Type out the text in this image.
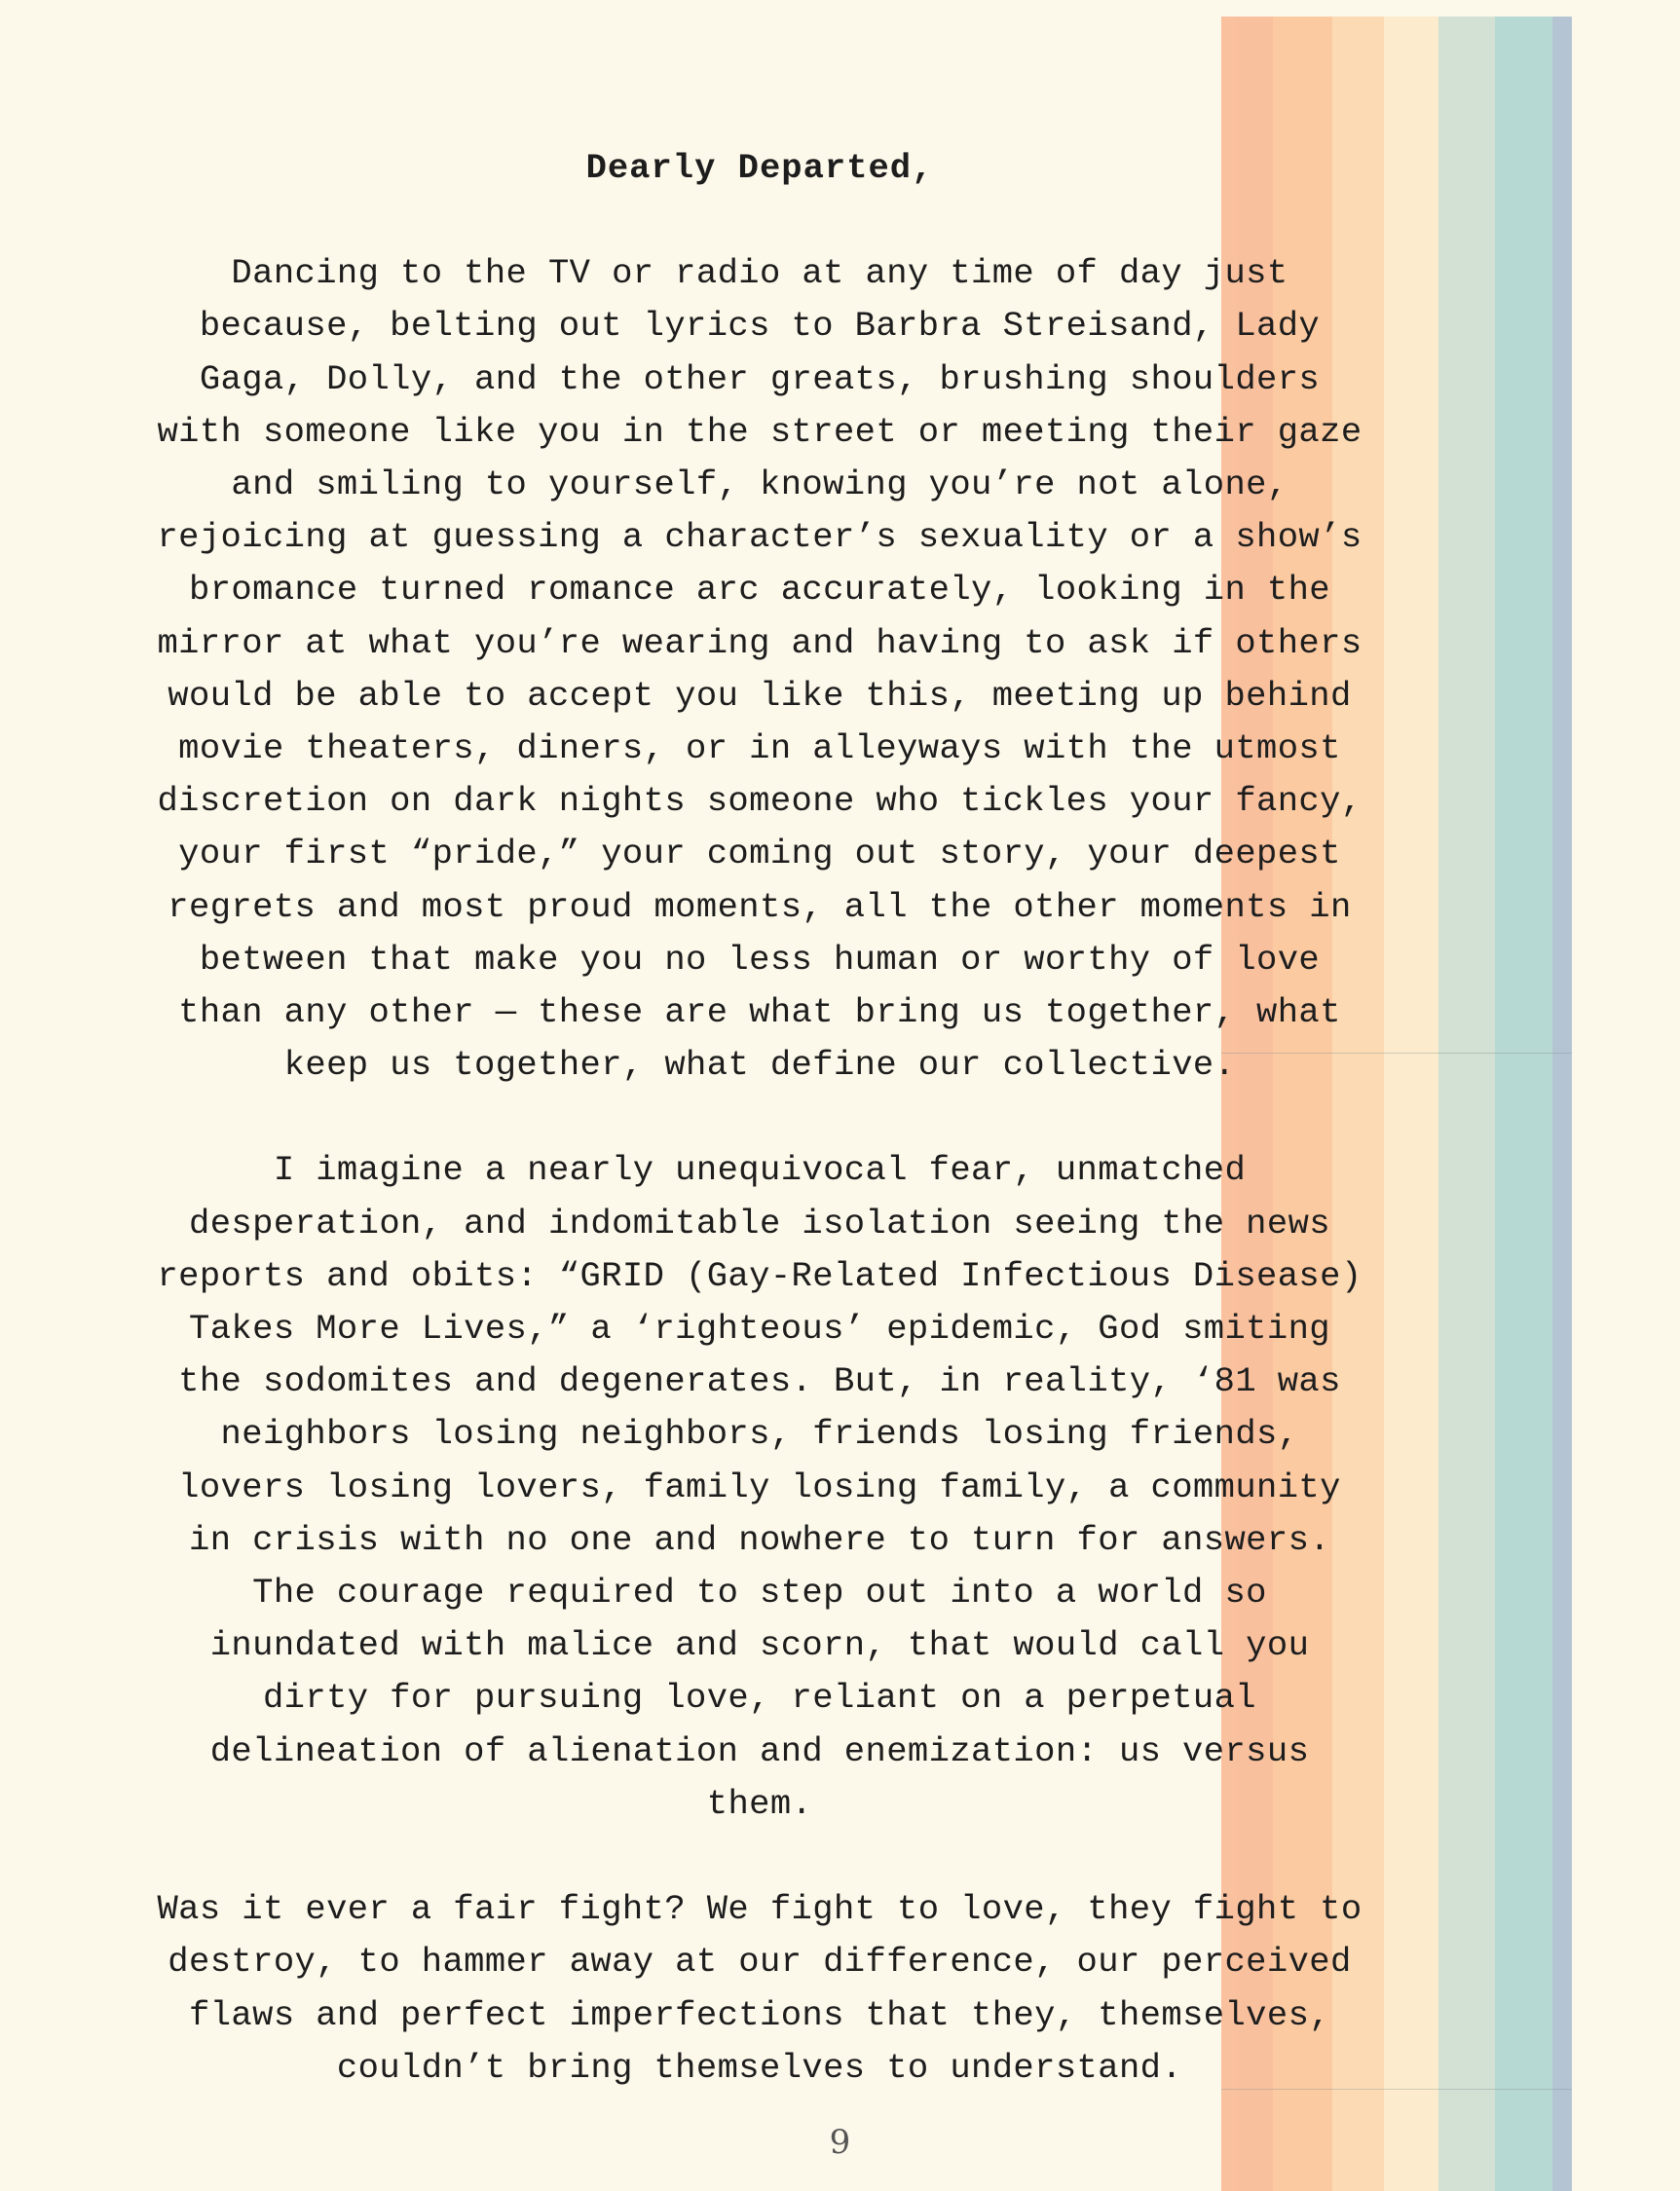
Dearly Departed,

Dancing to the TV or radio at any time of day just because, belting out lyrics to Barbra Streisand, Lady Gaga, Dolly, and the other greats, brushing shoulders with someone like you in the street or meeting their gaze and smiling to yourself, knowing you’re not alone, rejoicing at guessing a character’s sexuality or a show’s bromance turned romance arc accurately, looking in the mirror at what you’re wearing and having to ask if others would be able to accept you like this, meeting up behind movie theaters, diners, or in alleyways with the utmost discretion on dark nights someone who tickles your fancy, your first “pride,” your coming out story, your deepest regrets and most proud moments, all the other moments in between that make you no less human or worthy of love than any other — these are what bring us together, what keep us together, what define our collective.

I imagine a nearly unequivocal fear, unmatched desperation, and indomitable isolation seeing the news reports and obits: “GRID (Gay-Related Infectious Disease) Takes More Lives,” a ‘righteous’ epidemic, God smiting the sodomites and degenerates. But, in reality, ‘81 was neighbors losing neighbors, friends losing friends, lovers losing lovers, family losing family, a community in crisis with no one and nowhere to turn for answers. The courage required to step out into a world so inundated with malice and scorn, that would call you dirty for pursuing love, reliant on a perpetual delineation of alienation and enemization: us versus them.

Was it ever a fair fight? We fight to love, they fight to destroy, to hammer away at our difference, our perceived flaws and perfect imperfections that they, themselves, couldn’t bring themselves to understand.

9
